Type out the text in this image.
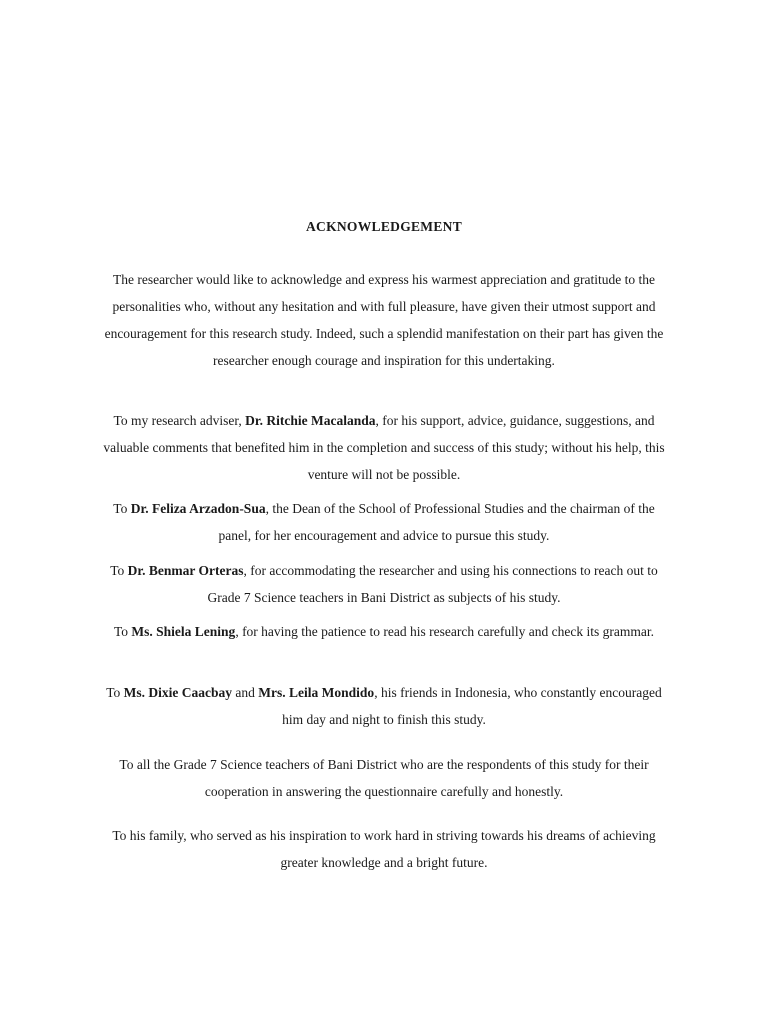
ACKNOWLEDGEMENT

The researcher would like to acknowledge and express his warmest appreciation and gratitude to the personalities who, without any hesitation and with full pleasure, have given their utmost support and encouragement for this research study. Indeed, such a splendid manifestation on their part has given the researcher enough courage and inspiration for this undertaking.

To my research adviser, Dr. Ritchie Macalanda, for his support, advice, guidance, suggestions, and valuable comments that benefited him in the completion and success of this study; without his help, this venture will not be possible.

To Dr. Feliza Arzadon-Sua, the Dean of the School of Professional Studies and the chairman of the panel, for her encouragement and advice to pursue this study.

To Dr. Benmar Orteras, for accommodating the researcher and using his connections to reach out to Grade 7 Science teachers in Bani District as subjects of his study.

To Ms. Shiela Lening, for having the patience to read his research carefully and check its grammar.

To Ms. Dixie Caacbay and Mrs. Leila Mondido, his friends in Indonesia, who constantly encouraged him day and night to finish this study.

To all the Grade 7 Science teachers of Bani District who are the respondents of this study for their cooperation in answering the questionnaire carefully and honestly.

To his family, who served as his inspiration to work hard in striving towards his dreams of achieving greater knowledge and a bright future.
